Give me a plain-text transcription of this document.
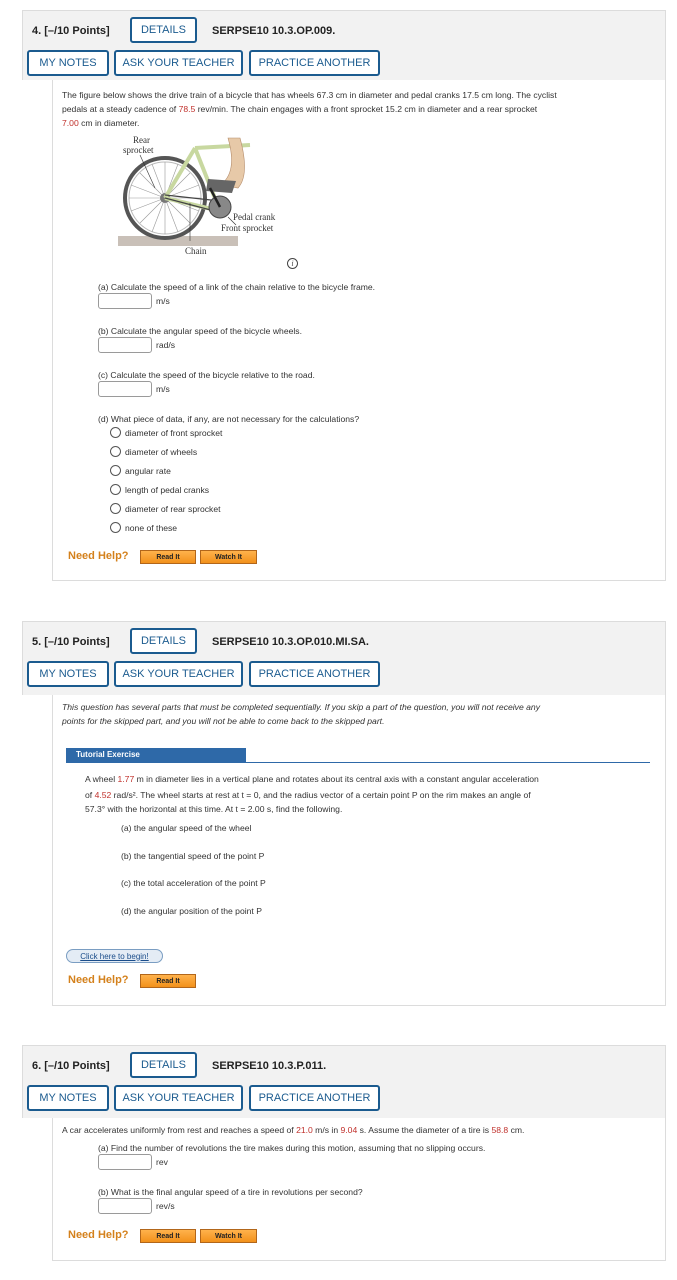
4. [–/10 Points]	DETAILS	SERPSE10 10.3.OP.009.
MY NOTES	ASK YOUR TEACHER	PRACTICE ANOTHER
The figure below shows the drive train of a bicycle that has wheels 67.3 cm in diameter and pedal cranks 17.5 cm long. The cyclist
pedals at a steady cadence of 78.5 rev/min. The chain engages with a front sprocket 15.2 cm in diameter and a rear sprocket
7.00 cm in diameter.
Rear
sprocket
Pedal crank
Front sprocket
Chain
i
(a) Calculate the speed of a link of the chain relative to the bicycle frame.
m/s
(b) Calculate the angular speed of the bicycle wheels.
rad/s
(c) Calculate the speed of the bicycle relative to the road.
m/s
(d) What piece of data, if any, are not necessary for the calculations?
diameter of front sprocket
diameter of wheels
angular rate
length of pedal cranks
diameter of rear sprocket
none of these
Need Help?	Read It	Watch It
5. [–/10 Points]	DETAILS	SERPSE10 10.3.OP.010.MI.SA.
MY NOTES	ASK YOUR TEACHER	PRACTICE ANOTHER
This question has several parts that must be completed sequentially. If you skip a part of the question, you will not receive any
points for the skipped part, and you will not be able to come back to the skipped part.
Tutorial Exercise
A wheel 1.77 m in diameter lies in a vertical plane and rotates about its central axis with a constant angular acceleration
of 4.52 rad/s². The wheel starts at rest at t = 0, and the radius vector of a certain point P on the rim makes an angle of
57.3° with the horizontal at this time. At t = 2.00 s, find the following.
(a) the angular speed of the wheel
(b) the tangential speed of the point P
(c) the total acceleration of the point P
(d) the angular position of the point P
Click here to begin!
Need Help?	Read It
6. [–/10 Points]	DETAILS	SERPSE10 10.3.P.011.
MY NOTES	ASK YOUR TEACHER	PRACTICE ANOTHER
A car accelerates uniformly from rest and reaches a speed of 21.0 m/s in 9.04 s. Assume the diameter of a tire is 58.8 cm.
(a) Find the number of revolutions the tire makes during this motion, assuming that no slipping occurs.
rev
(b) What is the final angular speed of a tire in revolutions per second?
rev/s
Need Help?	Read It	Watch It
